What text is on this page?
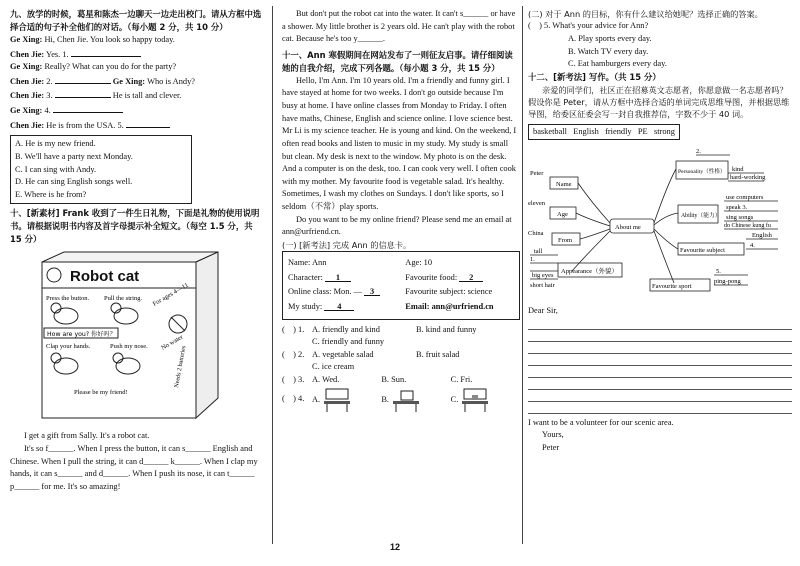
九、放学的时候，葛星和陈杰一边聊天一边走出校门。请从方框中选择合适的句子补全他们的对话。（每小题 2 分，共 10 分）

Ge Xing: Hi, Chen Jie. You look so happy today.

Chen Jie: Yes. 1.

Ge Xing: Really? What can you do for the party?

Chen Jie: 2.	Ge Xing: Who is Andy?

Chen Jie: 3.	He is tall and clever.

Ge Xing: 4.

Chen Jie: He is from the USA. 5.

A. He is my new friend.

B. We'll have a party next Monday.

C. I can sing with Andy.

D. He can sing English songs well.

E. Where is he from?

十、[新素材] Frank 收到了一件生日礼物，下面是礼物的使用说明书。请根据说明书内容及首字母提示补全短文。（每空 1.5 分，共 15 分）

Robot cat
Press the button. Pull the string.
How are you? 你好吗？
Clap your hands.	Push my nose.
For ages 4—11
No water
Needs 2 batteries
Please be my friend!

I get a gift from Sally. It's a robot cat.

It's so f______. When I press the button, it can s______ English and Chinese. When I pull the string, it can d______ k______. When I clap my hands, it can s______ and d______. When I push its nose, it can t______ p______ for me. It's so amazing!

But don't put the robot cat into the water. It can't s______ or have a shower. My little brother is 2 years old. He can't play with the robot cat. Because he's too y______.

十一、Ann 寒假期间在网站发布了一则征友启事。请仔细阅读她的自我介绍，完成下列各题。（每小题 3 分，共 15 分）

Hello, I'm Ann. I'm 10 years old. I'm a friendly and funny girl. I have stayed at home for two weeks. I don't go outside because I'm busy at home. I have online classes from Monday to Friday. I often have maths, Chinese, English and science online. I love science best. Mr Li is my science teacher. He is young and kind. On the weekend, I often read books and listen to music in my study. My study is small but clean. My desk is next to the window. My photo is on the desk. And a computer is on the desk, too. I can cook very well. I often cook with my mother. My favourite food is vegetable salad. It's healthy. Sometimes, I wash my clothes on Sundays. I don't like sports, so I seldom（不常）play sports.

Do you want to be my online friend? Please send me an email at ann@urfriend.cn.

(一) [新考法] 完成 Ann 的信息卡。

Name: Ann	Age: 10
Character: 1	Favourite food: 2
Online class: Mon. — 3	Favourite subject: science
My study: 4	Email: ann@urfriend.cn
(    ) 1. A. friendly and kind	B. kind and funny

C. friendly and funny

(    ) 2. A. vegetable salad	B. fruit salad

C. ice cream

(    ) 3. A. Wed.	B. Sun.	C. Fri.
(    ) 4. A.	B.	C.

(二) 对于 Ann 的目标，你有什么建议给她呢？选择正确的答案。

(    ) 5. What's your advice for Ann?

A. Play sports every day.

B. Watch TV every day.

C. Eat hamburgers every day.

十二、[新考法] 写作。（共 15 分）

亲爱的同学们，社区正在招募英文志愿者，你愿意做一名志愿者吗？假设你是 Peter，请从方框中选择合适的单词完成思维导图，并根据思维导图，给委区征委会写一封自我推荐信，字数不少于 40 词。

basketball   English   friendly   PE   strong
About me
Name
Peter
Age
eleven
From
China
Appearance（外貌）
tall
1.
big eyes
short hair
Personality（性格）
2.
kind
hard-working
Ability（能力）
use computers
speak 3.
sing songs
do Chinese kung fu
Favourite subject
English
4.
Favourite sport
5.
ping-pong

Dear Sir,

I want to be a volunteer for our scenic area.

Yours,

Peter

12
